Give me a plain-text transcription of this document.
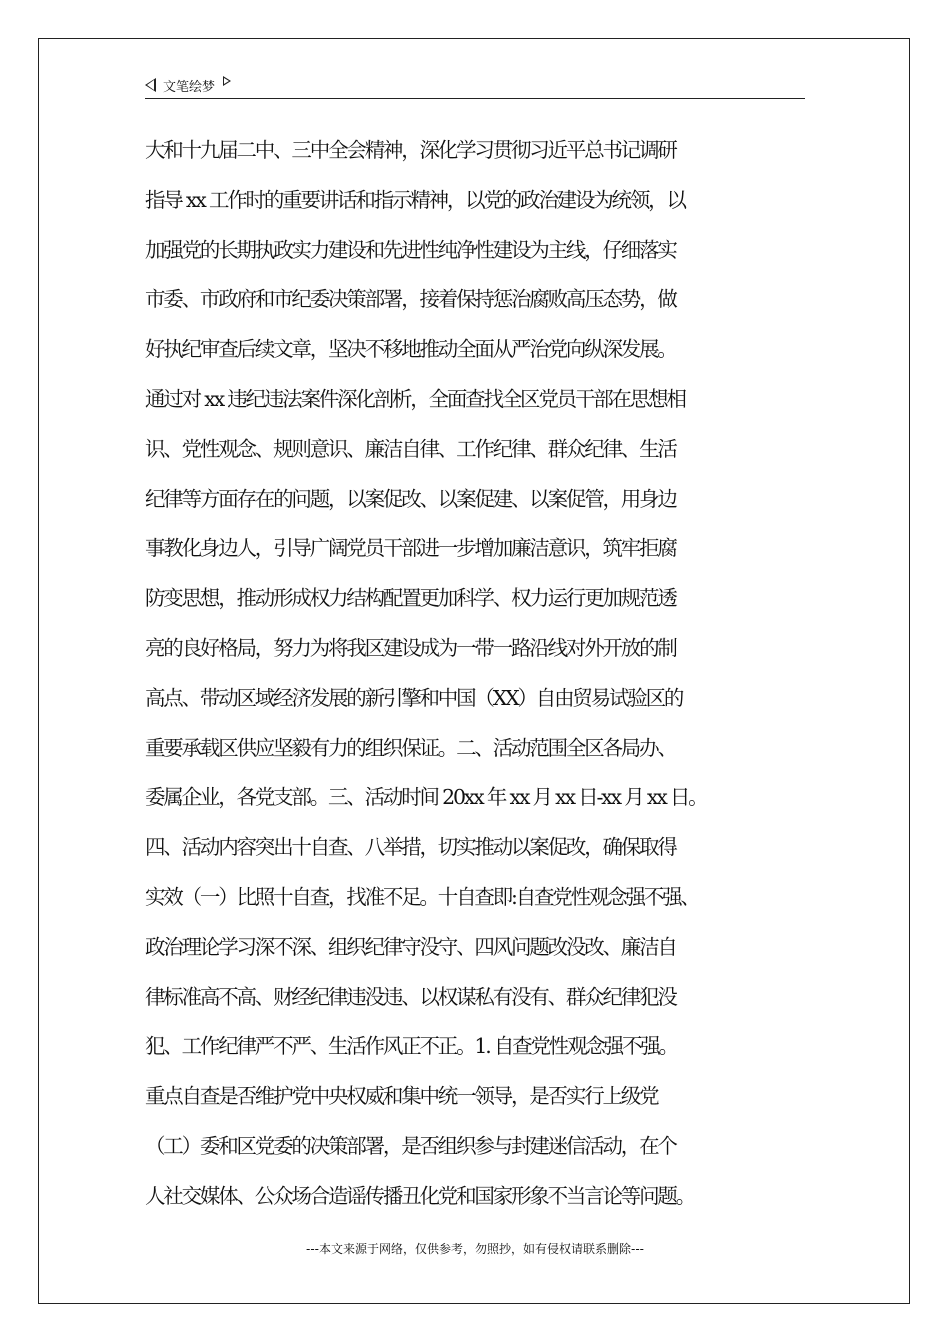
文笔绘梦
大和十九届二中、三中全会精神，深化学习贯彻习近平总书记调研
指导 xx 工作时的重要讲话和指示精神，以党的政治建设为统领，以
加强党的长期执政实力建设和先进性纯净性建设为主线，仔细落实
市委、市政府和市纪委决策部署，接着保持惩治腐败高压态势，做
好执纪审查后续文章，坚决不移地推动全面从严治党向纵深发展。
通过对 xx 违纪违法案件深化剖析，全面查找全区党员干部在思想相
识、党性观念、规则意识、廉洁自律、工作纪律、群众纪律、生活
纪律等方面存在的问题，以案促改、以案促建、以案促管，用身边
事教化身边人，引导广阔党员干部进一步增加廉洁意识，筑牢拒腐
防变思想，推动形成权力结构配置更加科学、权力运行更加规范透
亮的良好格局，努力为将我区建设成为一带一路沿线对外开放的制
高点、带动区域经济发展的新引擎和中国（XX）自由贸易试验区的
重要承载区供应坚毅有力的组织保证。二、活动范围全区各局办、
委属企业，各党支部。三、活动时间 20xx 年 xx 月 xx 日-xx 月 xx 日。
四、活动内容突出十自查、八举措，切实推动以案促改，确保取得
实效（一）比照十自查，找准不足。十自查即:自查党性观念强不强、
政治理论学习深不深、组织纪律守没守、四风问题改没改、廉洁自
律标准高不高、财经纪律违没违、以权谋私有没有、群众纪律犯没
犯、工作纪律严不严、生活作风正不正。1. 自查党性观念强不强。
重点自查是否维护党中央权威和集中统一领导，是否实行上级党
（工）委和区党委的决策部署，是否组织参与封建迷信活动，在个
人社交媒体、公众场合造谣传播丑化党和国家形象不当言论等问题。
---本文来源于网络，仅供参考，勿照抄，如有侵权请联系删除---
